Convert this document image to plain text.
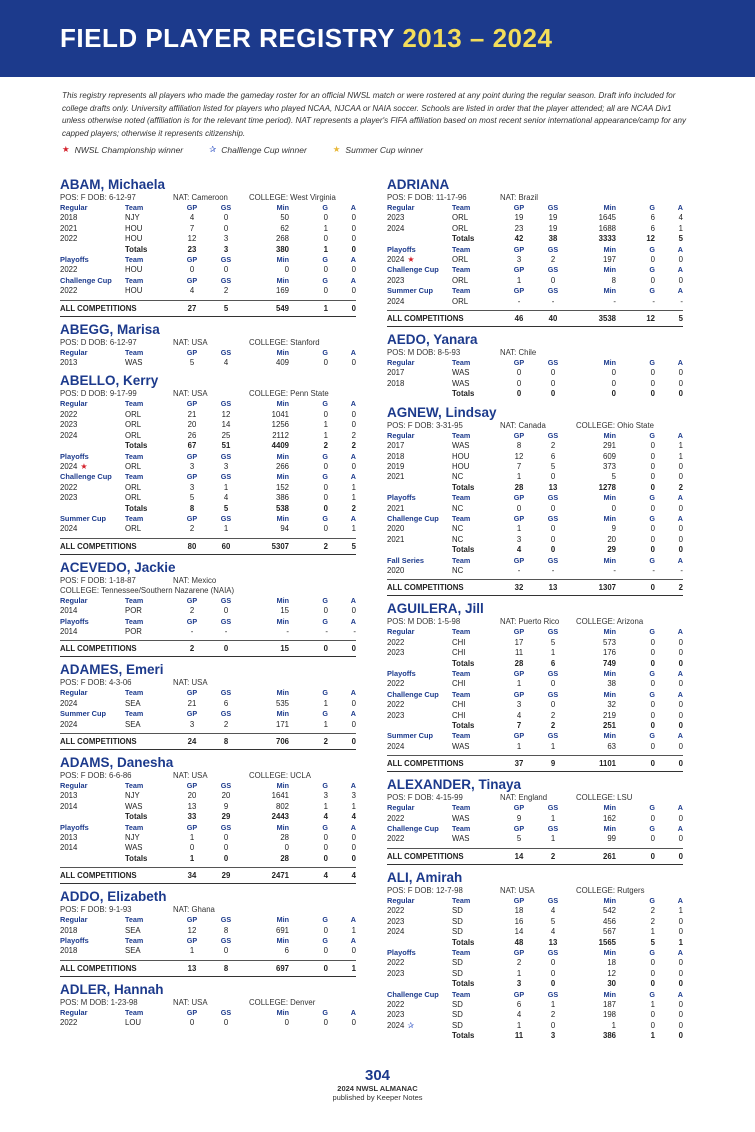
FIELD PLAYER REGISTRY 2013 – 2024
This registry represents all players who made the gameday roster for an official NWSL match or were rostered at any point during the regular season. Draft info included for college drafts only. University affiliation listed for players who played NCAA, NJCAA or NAIA soccer. Schools are listed in order that the player attended; all are NCAA Div1 unless otherwise noted (affiliation is for the relevant time period). NAT represents a player's FIFA affiliation based on most recent senior international appearance/camp for any capped players; otherwise it represents citizenship.
★ NWSL Championship winner	✰ Challlenge Cup winner	★ Summer Cup winner
ABAM, Michaela
POS: F DOB: 6-12-97	NAT: Cameroon	COLLEGE: West Virginia
Regular	Team	GP	GS	Min	G	A
2018	NJY	4	0	50	0	0
2021	HOU	7	0	62	1	0
2022	HOU	12	3	268	0	0
Totals	23	3	380	1	0
Playoffs	Team	GP	GS	Min	G	A
2022	HOU	0	0	0	0	0
Challenge Cup	Team	GP	GS	Min	G	A
2022	HOU	4	2	169	0	0
ALL COMPETITIONS	27	5	549	1	0
ABEGG, Marisa
POS: D DOB: 6-12-97	NAT: USA	COLLEGE: Stanford
Regular	Team	GP	GS	Min	G	A
2013	WAS	5	4	409	0	0
ABELLO, Kerry
POS: D DOB: 9-17-99	NAT: USA	COLLEGE: Penn State
Regular	Team	GP	GS	Min	G	A
2022	ORL	21	12	1041	0	0
2023	ORL	20	14	1256	1	0
2024	ORL	26	25	2112	1	2
Totals	67	51	4409	2	2
Playoffs	Team	GP	GS	Min	G	A
2024 ★	ORL	3	3	266	0	0
Challenge Cup	Team	GP	GS	Min	G	A
2022	ORL	3	1	152	0	1
2023	ORL	5	4	386	0	1
Totals	8	5	538	0	2
Summer Cup	Team	GP	GS	Min	G	A
2024	ORL	2	1	94	0	1
ALL COMPETITIONS	80	60	5307	2	5
ACEVEDO, Jackie
POS: F DOB: 1-18-87	NAT: Mexico
COLLEGE: Tennessee/Southern Nazarene (NAIA)
Regular	Team	GP	GS	Min	G	A
2014	POR	2	0	15	0	0
Playoffs	Team	GP	GS	Min	G	A
2014	POR	-	-	-	-	-
ALL COMPETITIONS	2	0	15	0	0
ADAMES, Emeri
POS: F DOB: 4-3-06	NAT: USA
Regular	Team	GP	GS	Min	G	A
2024	SEA	21	6	535	1	0
Summer Cup	Team	GP	GS	Min	G	A
2024	SEA	3	2	171	1	0
ALL COMPETITIONS	24	8	706	2	0
ADAMS, Danesha
POS: F DOB: 6-6-86	NAT: USA	COLLEGE: UCLA
Regular	Team	GP	GS	Min	G	A
2013	NJY	20	20	1641	3	3
2014	WAS	13	9	802	1	1
Totals	33	29	2443	4	4
Playoffs	Team	GP	GS	Min	G	A
2013	NJY	1	0	28	0	0
2014	WAS	0	0	0	0	0
Totals	1	0	28	0	0
ALL COMPETITIONS	34	29	2471	4	4
ADDO, Elizabeth
POS: F DOB: 9-1-93	NAT: Ghana
Regular	Team	GP	GS	Min	G	A
2018	SEA	12	8	691	0	1
Playoffs	Team	GP	GS	Min	G	A
2018	SEA	1	0	6	0	0
ALL COMPETITIONS	13	8	697	0	1
ADLER, Hannah
POS: M DOB: 1-23-98	NAT: USA	COLLEGE: Denver
Regular	Team	GP	GS	Min	G	A
2022	LOU	0	0	0	0	0
ADRIANA
POS: F DOB: 11-17-96	NAT: Brazil
Regular	Team	GP	GS	Min	G	A
2023	ORL	19	19	1645	6	4
2024	ORL	23	19	1688	6	1
Totals	42	38	3333	12	5
Playoffs	Team	GP	GS	Min	G	A
2024 ★	ORL	3	2	197	0	0
Challenge Cup	Team	GP	GS	Min	G	A
2023	ORL	1	0	8	0	0
Summer Cup	Team	GP	GS	Min	G	A
2024	ORL	-	-	-	-	-
ALL COMPETITIONS	46	40	3538	12	5
AEDO, Yanara
POS: M DOB: 8-5-93	NAT: Chile
Regular	Team	GP	GS	Min	G	A
2017	WAS	0	0	0	0	0
2018	WAS	0	0	0	0	0
Totals	0	0	0	0	0
AGNEW, Lindsay
POS: F DOB: 3-31-95	NAT: Canada	COLLEGE: Ohio State
Regular	Team	GP	GS	Min	G	A
2017	WAS	8	2	291	0	1
2018	HOU	12	6	609	0	1
2019	HOU	7	5	373	0	0
2021	NC	1	0	5	0	0
Totals	28	13	1278	0	2
Playoffs	Team	GP	GS	Min	G	A
2021	NC	0	0	0	0	0
Challenge Cup	Team	GP	GS	Min	G	A
2020	NC	1	0	9	0	0
2021	NC	3	0	20	0	0
Totals	4	0	29	0	0
Fall Series	Team	GP	GS	Min	G	A
2020	NC	-	-	-	-	-
ALL COMPETITIONS	32	13	1307	0	2
AGUILERA, Jill
POS: M DOB: 1-5-98	NAT: Puerto Rico	COLLEGE: Arizona
Regular	Team	GP	GS	Min	G	A
2022	CHI	17	5	573	0	0
2023	CHI	11	1	176	0	0
Totals	28	6	749	0	0
Playoffs	Team	GP	GS	Min	G	A
2022	CHI	1	0	38	0	0
Challenge Cup	Team	GP	GS	Min	G	A
2022	CHI	3	0	32	0	0
2023	CHI	4	2	219	0	0
Totals	7	2	251	0	0
Summer Cup	Team	GP	GS	Min	G	A
2024	WAS	1	1	63	0	0
ALL COMPETITIONS	37	9	1101	0	0
ALEXANDER, Tinaya
POS: F DOB: 4-15-99	NAT: England	COLLEGE: LSU
Regular	Team	GP	GS	Min	G	A
2022	WAS	9	1	162	0	0
Challenge Cup	Team	GP	GS	Min	G	A
2022	WAS	5	1	99	0	0
ALL COMPETITIONS	14	2	261	0	0
ALI, Amirah
POS: F DOB: 12-7-98	NAT: USA	COLLEGE: Rutgers
Regular	Team	GP	GS	Min	G	A
2022	SD	18	4	542	2	1
2023	SD	16	5	456	2	0
2024	SD	14	4	567	1	0
Totals	48	13	1565	5	1
Playoffs	Team	GP	GS	Min	G	A
2022	SD	2	0	18	0	0
2023	SD	1	0	12	0	0
Totals	3	0	30	0	0
Challenge Cup	Team	GP	GS	Min	G	A
2022	SD	6	1	187	1	0
2023	SD	4	2	198	0	0
2024 ✰	SD	1	0	1	0	0
Totals	11	3	386	1	0
304
2024 NWSL ALMANAC
published by Keeper Notes
